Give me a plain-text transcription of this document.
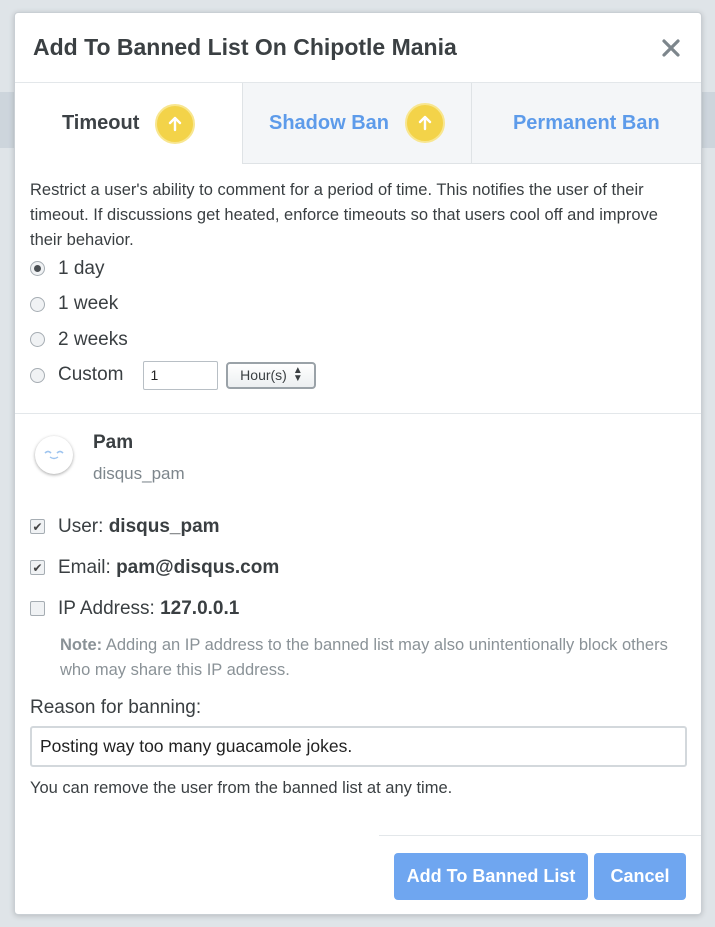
Add To Banned List On Chipotle Mania
Timeout	Shadow Ban	Permanent Ban

Restrict a user's ability to comment for a period of time. This notifies the user of their timeout. If discussions get heated, enforce timeouts so that users cool off and improve their behavior.

1 day
1 week
2 weeks
Custom
1	Hour(s) ▲
▼
Pam
disqus_pam
✔
User:
disqus_pam
✔
Email:
pam@disqus.com
IP Address:
127.0.0.1

Note: Adding an IP address to the banned list may also unintentionally block others who may share this IP address.

Reason for banning:
Posting way too many guacamole jokes.
You can remove the user from the banned list at any time.
Add To Banned List	Cancel
